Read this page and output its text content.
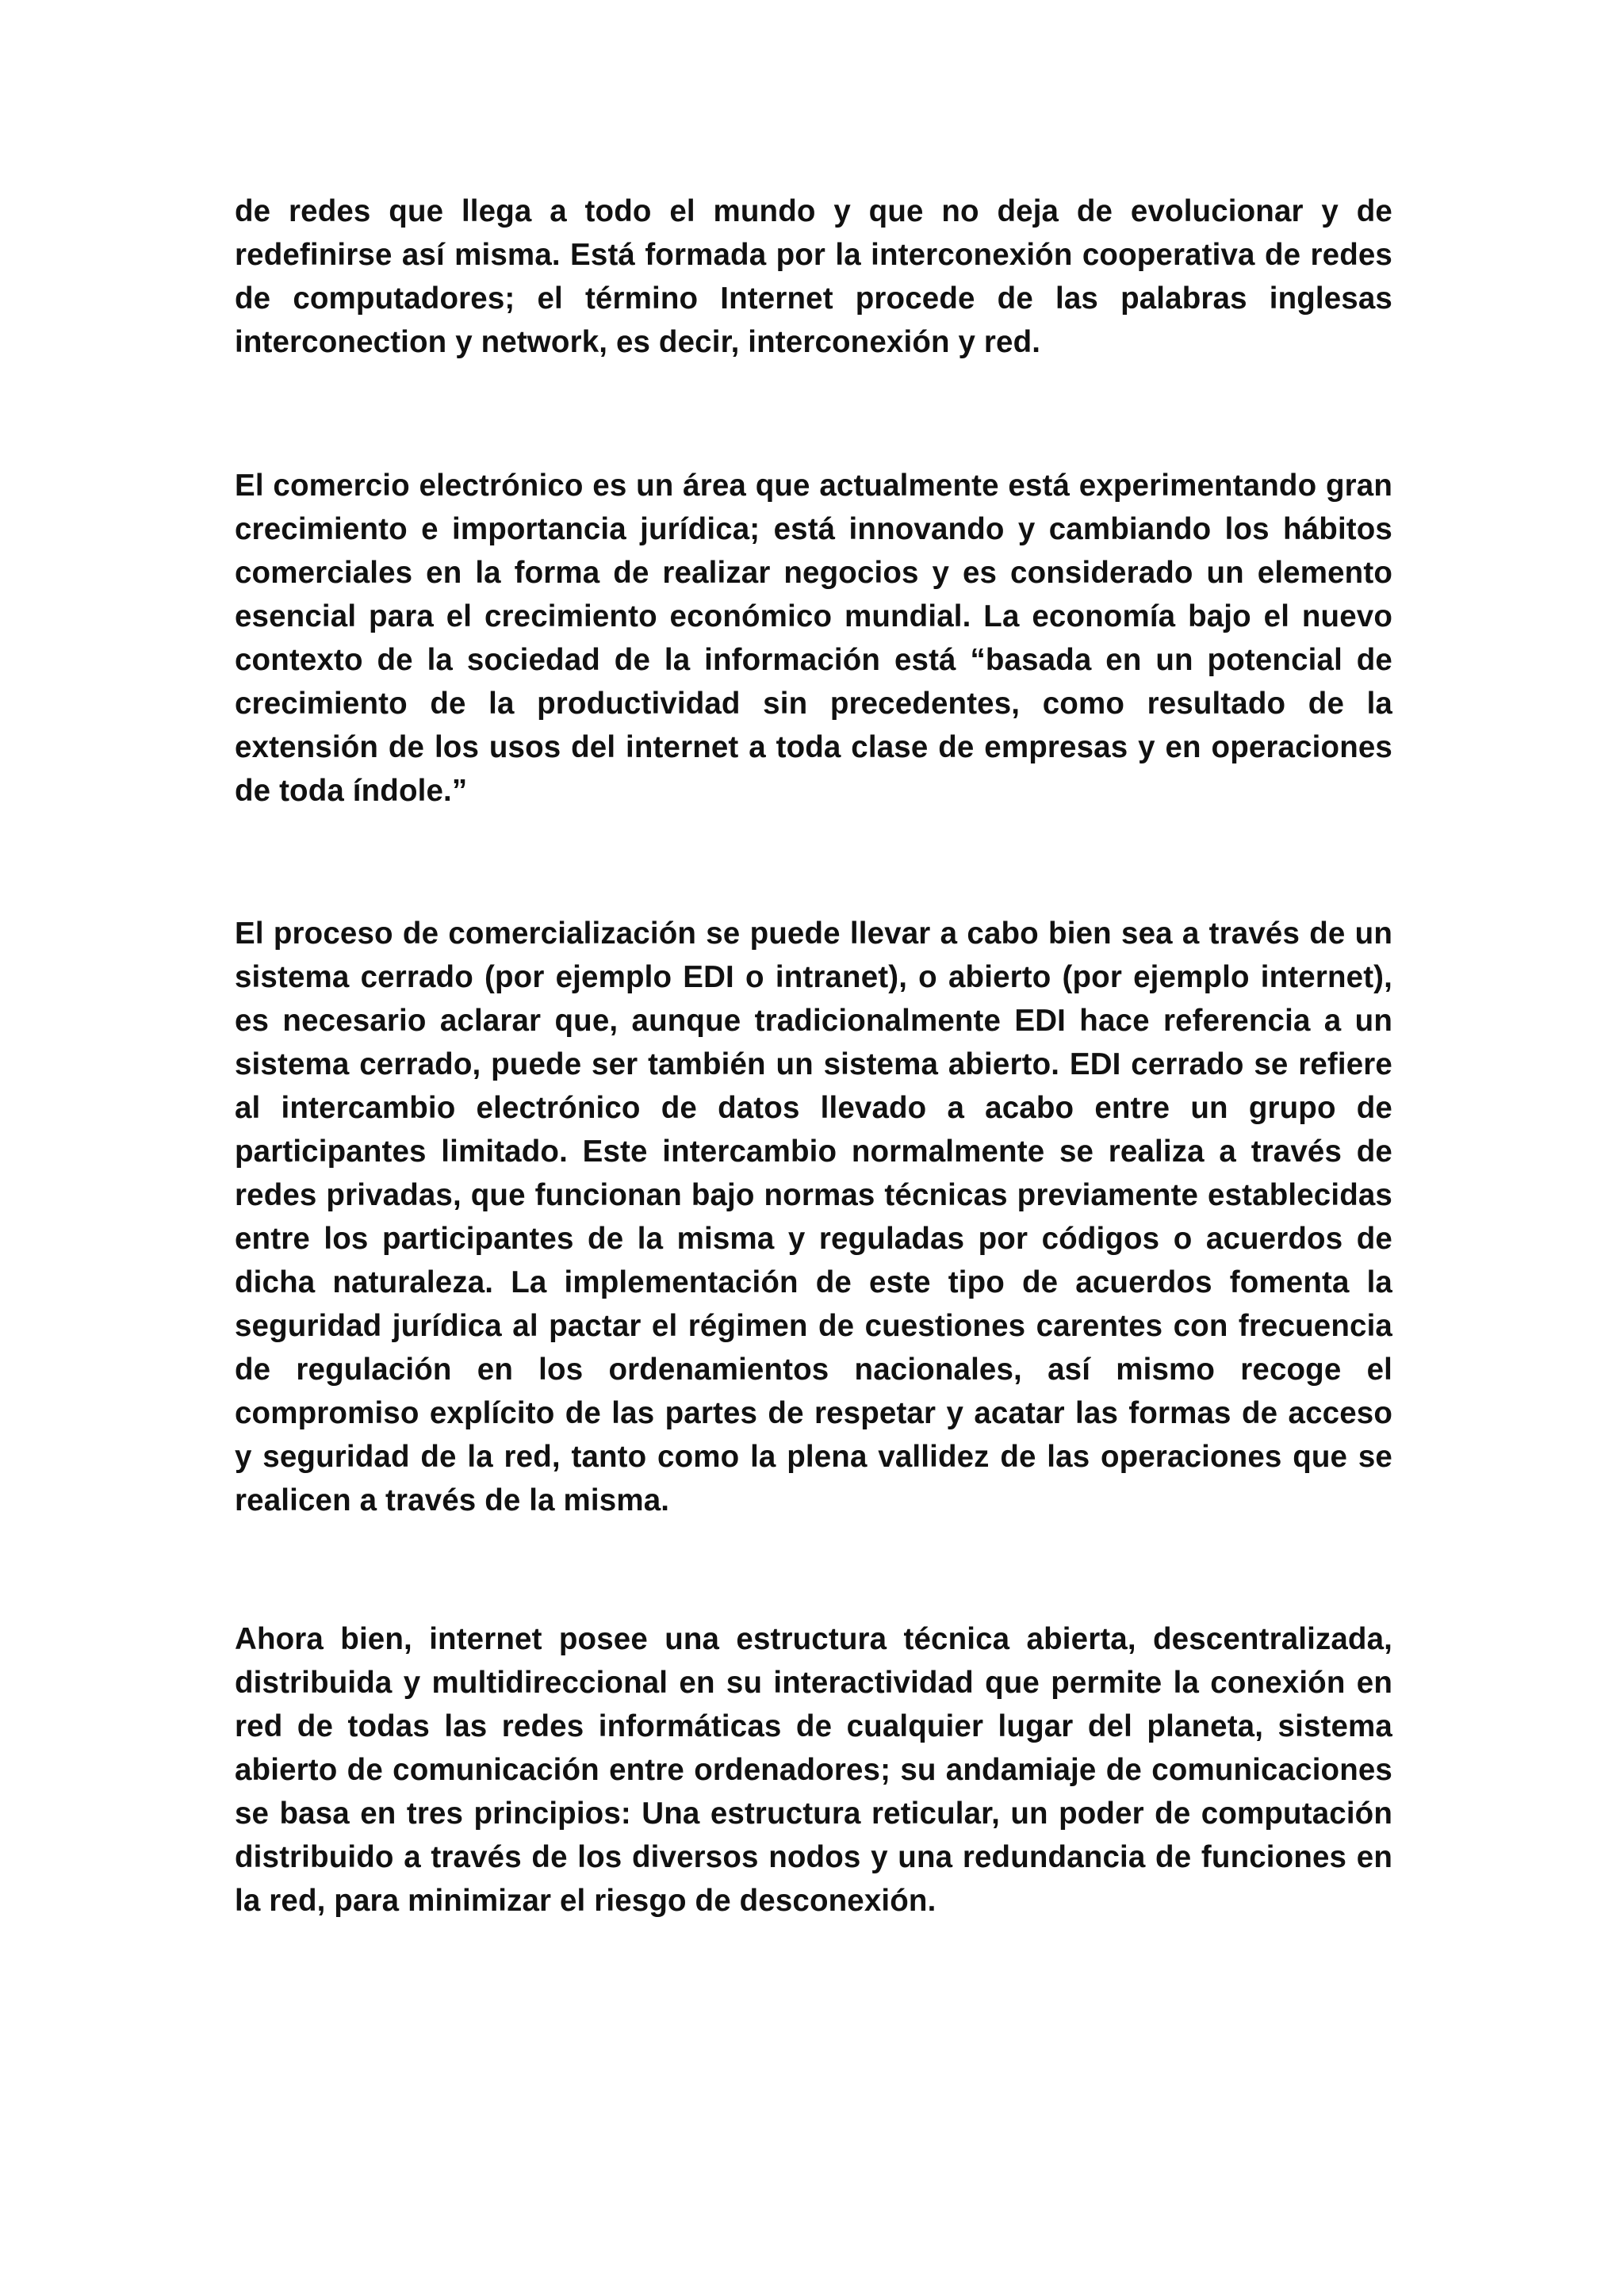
de redes que llega a todo el mundo y que no deja de evolucionar y de redefinirse así misma. Está formada por la interconexión cooperativa de redes de computadores; el término Internet procede de las palabras inglesas interconection y network, es decir, interconexión y red.

El comercio electrónico es un área que actualmente está experimentando gran crecimiento e importancia jurídica; está innovando y cambiando los hábitos comerciales en la forma de realizar negocios y es considerado un elemento esencial para el crecimiento económico mundial. La economía bajo el nuevo contexto de la sociedad de la información está “basada en un potencial de crecimiento de la productividad sin precedentes, como resultado de la extensión de los usos del internet a toda clase de empresas y en operaciones de toda índole.”

El proceso de comercialización se puede llevar a cabo bien sea a través de un sistema cerrado (por ejemplo EDI o intranet), o abierto (por ejemplo internet), es necesario aclarar que, aunque tradicionalmente EDI hace referencia a un sistema cerrado, puede ser también un sistema abierto. EDI cerrado se refiere al intercambio electrónico de datos llevado a acabo entre un grupo de participantes limitado. Este intercambio normalmente se realiza a través de redes privadas, que funcionan bajo normas técnicas previamente establecidas entre los participantes de la misma y reguladas por códigos o acuerdos de dicha naturaleza. La implementación de este tipo de acuerdos fomenta la seguridad jurídica al pactar el régimen de cuestiones carentes con frecuencia de regulación en los ordenamientos nacionales, así mismo recoge el compromiso explícito de las partes de respetar y acatar las formas de acceso y seguridad de la red, tanto como la plena vallidez de las operaciones que se realicen a través de la misma.

Ahora bien, internet posee una estructura técnica abierta, descentralizada, distribuida y multidireccional en su interactividad que permite la conexión en red de todas las redes informáticas de cualquier lugar del planeta, sistema abierto de comunicación entre ordenadores; su andamiaje de comunicaciones se basa en tres principios: Una estructura reticular, un poder de computación distribuido a través de los diversos nodos y una redundancia de funciones en la red, para minimizar el riesgo de desconexión.
